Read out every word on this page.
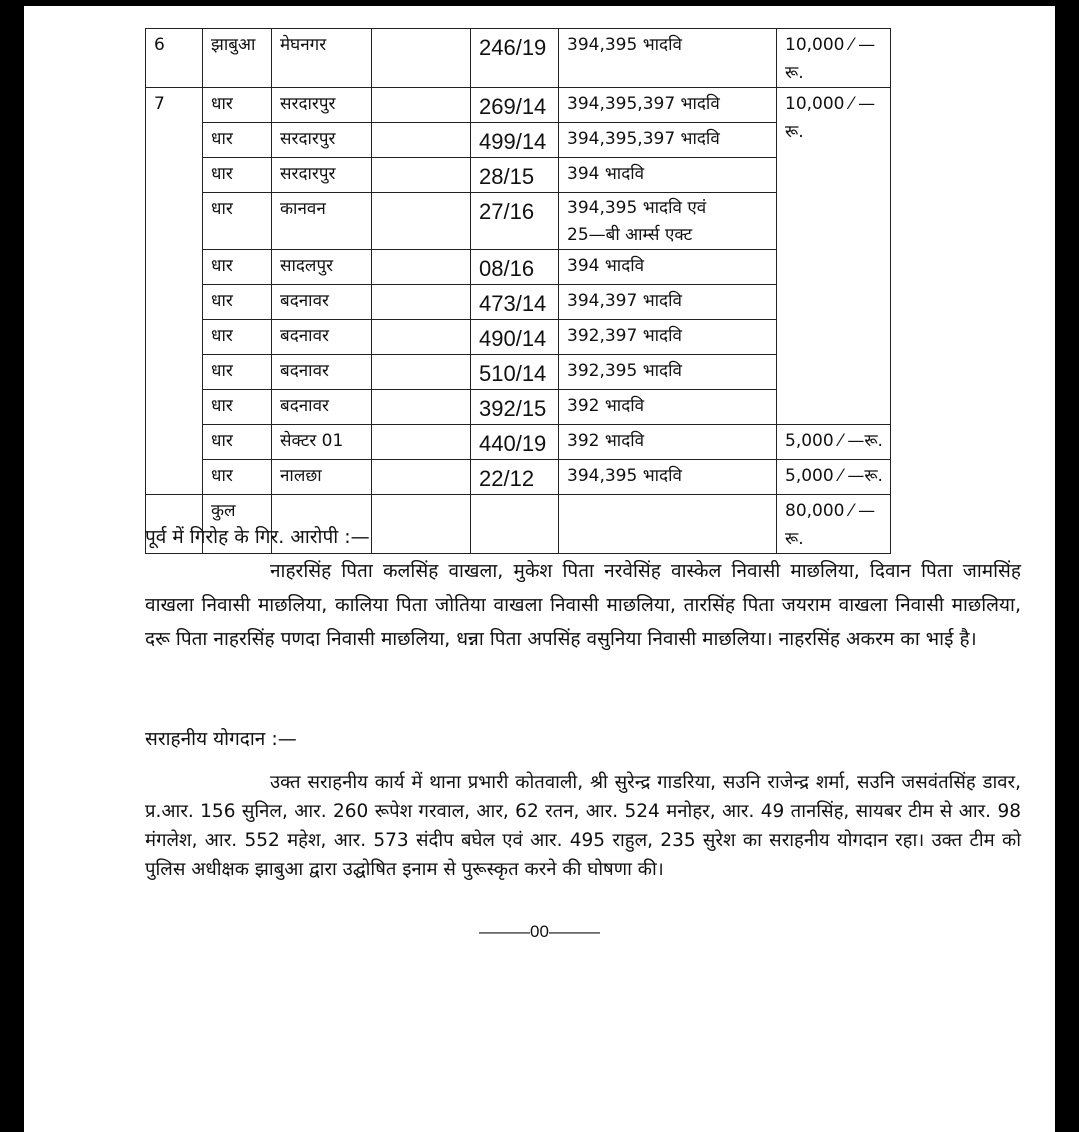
6	झाबुआ	मेघनगर		246/19	394,395 भादवि	10,000 ⁄ —रू.
7	धार	सरदारपुर		269/14	394,395,397 भादवि	10,000 ⁄ —रू.
	धार	सरदारपुर		499/14	394,395,397 भादवि	

	धार	सरदारपुर		28/15	394 भादवि	

	धार	कानवन		27/16	394,395 भादवि एवं
25—बी आर्म्स एक्ट	

	धार	सादलपुर		08/16	394 भादवि	

	धार	बदनावर		473/14	394,397 भादवि	

	धार	बदनावर		490/14	392,397 भादवि	

	धार	बदनावर		510/14	392,395 भादवि	

	धार	बदनावर		392/15	392 भादवि	

	धार	सेक्टर 01		440/19	392 भादवि	5,000 ⁄ —रू.
	धार	नालछा		22/12	394,395 भादवि	5,000 ⁄ —रू.
	कुल					80,000 ⁄ —रू.
पूर्व में गिरोह के गिर. आरोपी :—
नाहरसिंह पिता कलसिंह वाखला, मुकेश पिता नरवेसिंह वास्केल निवासी माछलिया, दिवान पिता जामसिंह वाखला निवासी माछलिया, कालिया पिता जोतिया वाखला निवासी माछलिया, तारसिंह पिता जयराम वाखला निवासी माछलिया, दरू पिता नाहरसिंह पणदा निवासी माछलिया, धन्ना पिता अपसिंह वसुनिया निवासी माछलिया। नाहरसिंह अकरम का भाई है।
सराहनीय योगदान :—
उक्त सराहनीय कार्य में थाना प्रभारी कोतवाली, श्री सुरेन्द्र गाडरिया, सउनि राजेन्द्र शर्मा, सउनि जसवंतसिंह डावर, प्र.आर. 156 सुनिल, आर. 260 रूपेश गरवाल, आर, 62 रतन, आर. 524 मनोहर, आर. 49 तानसिंह, सायबर टीम से आर. 98 मंगलेश, आर. 552 महेश, आर. 573 संदीप बघेल एवं आर. 495 राहुल, 235 सुरेश का सराहनीय योगदान रहा। उक्त टीम को पुलिस अधीक्षक झाबुआ द्वारा उद्घोषित इनाम से पुरूस्कृत करने की घोषणा की।
———00———
